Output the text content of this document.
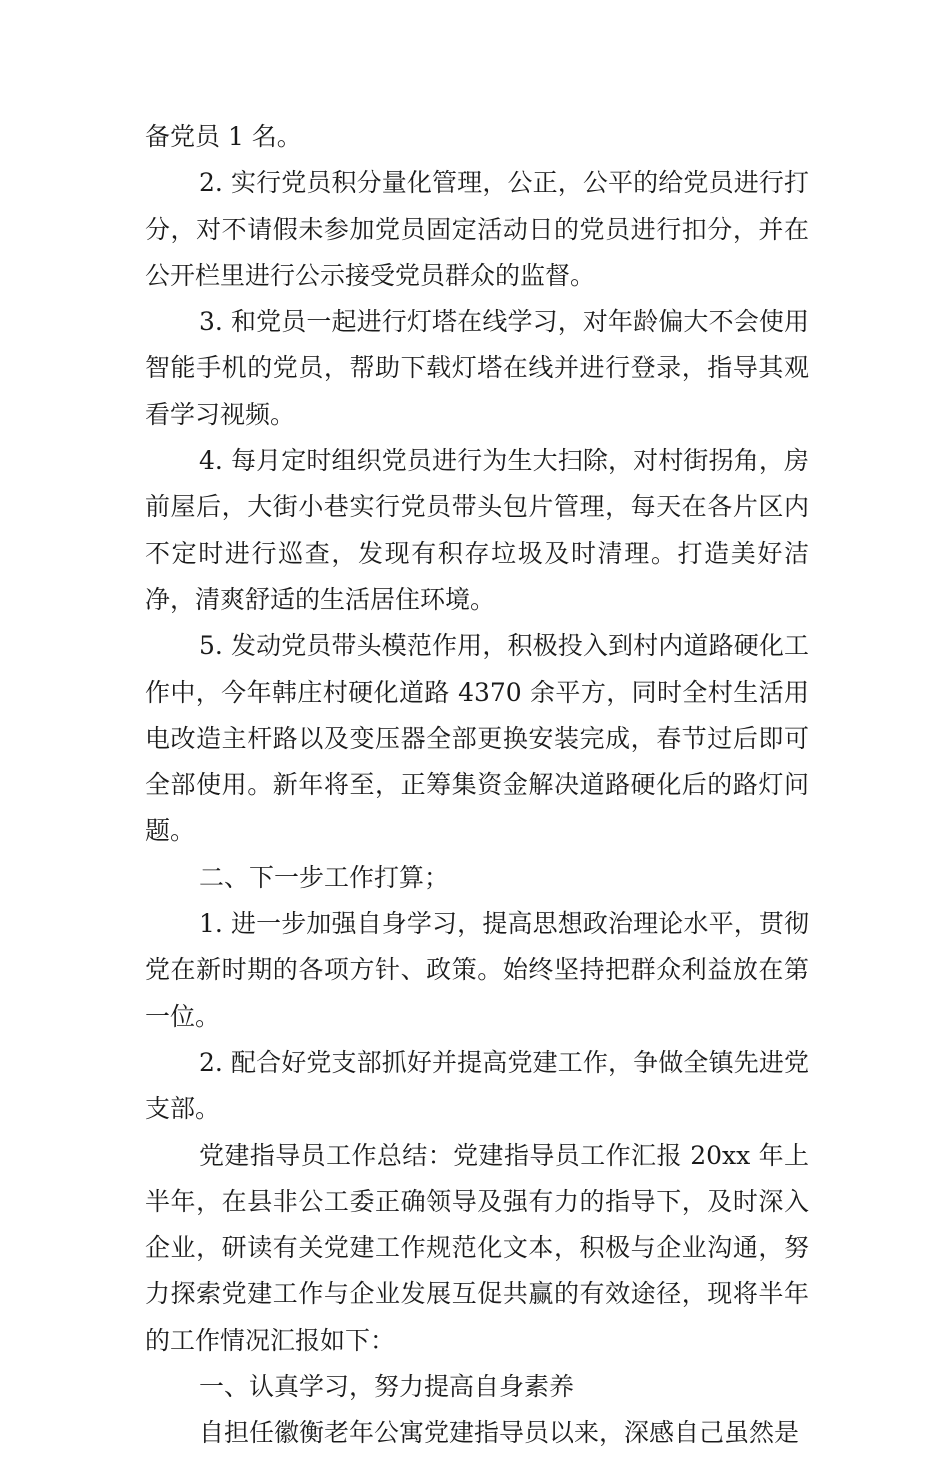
备党员 1 名。

2. 实行党员积分量化管理，公正，公平的给党员进行打分，对不请假未参加党员固定活动日的党员进行扣分，并在公开栏里进行公示接受党员群众的监督。

3. 和党员一起进行灯塔在线学习，对年龄偏大不会使用智能手机的党员，帮助下载灯塔在线并进行登录，指导其观看学习视频。

4. 每月定时组织党员进行为生大扫除，对村街拐角，房前屋后，大街小巷实行党员带头包片管理，每天在各片区内不定时进行巡查，发现有积存垃圾及时清理。打造美好洁净，清爽舒适的生活居住环境。

5. 发动党员带头模范作用，积极投入到村内道路硬化工作中，今年韩庄村硬化道路 4370 余平方，同时全村生活用电改造主杆路以及变压器全部更换安装完成，春节过后即可全部使用。新年将至，正筹集资金解决道路硬化后的路灯问题。

二、下一步工作打算；

1. 进一步加强自身学习，提高思想政治理论水平，贯彻党在新时期的各项方针、政策。始终坚持把群众利益放在第一位。

2. 配合好党支部抓好并提高党建工作，争做全镇先进党支部。

党建指导员工作总结：党建指导员工作汇报 20xx 年上半年，在县非公工委正确领导及强有力的指导下，及时深入企业，研读有关党建工作规范化文本，积极与企业沟通，努力探索党建工作与企业发展互促共赢的有效途径，现将半年的工作情况汇报如下：

一、认真学习，努力提高自身素养

自担任徽衡老年公寓党建指导员以来，深感自己虽然是
